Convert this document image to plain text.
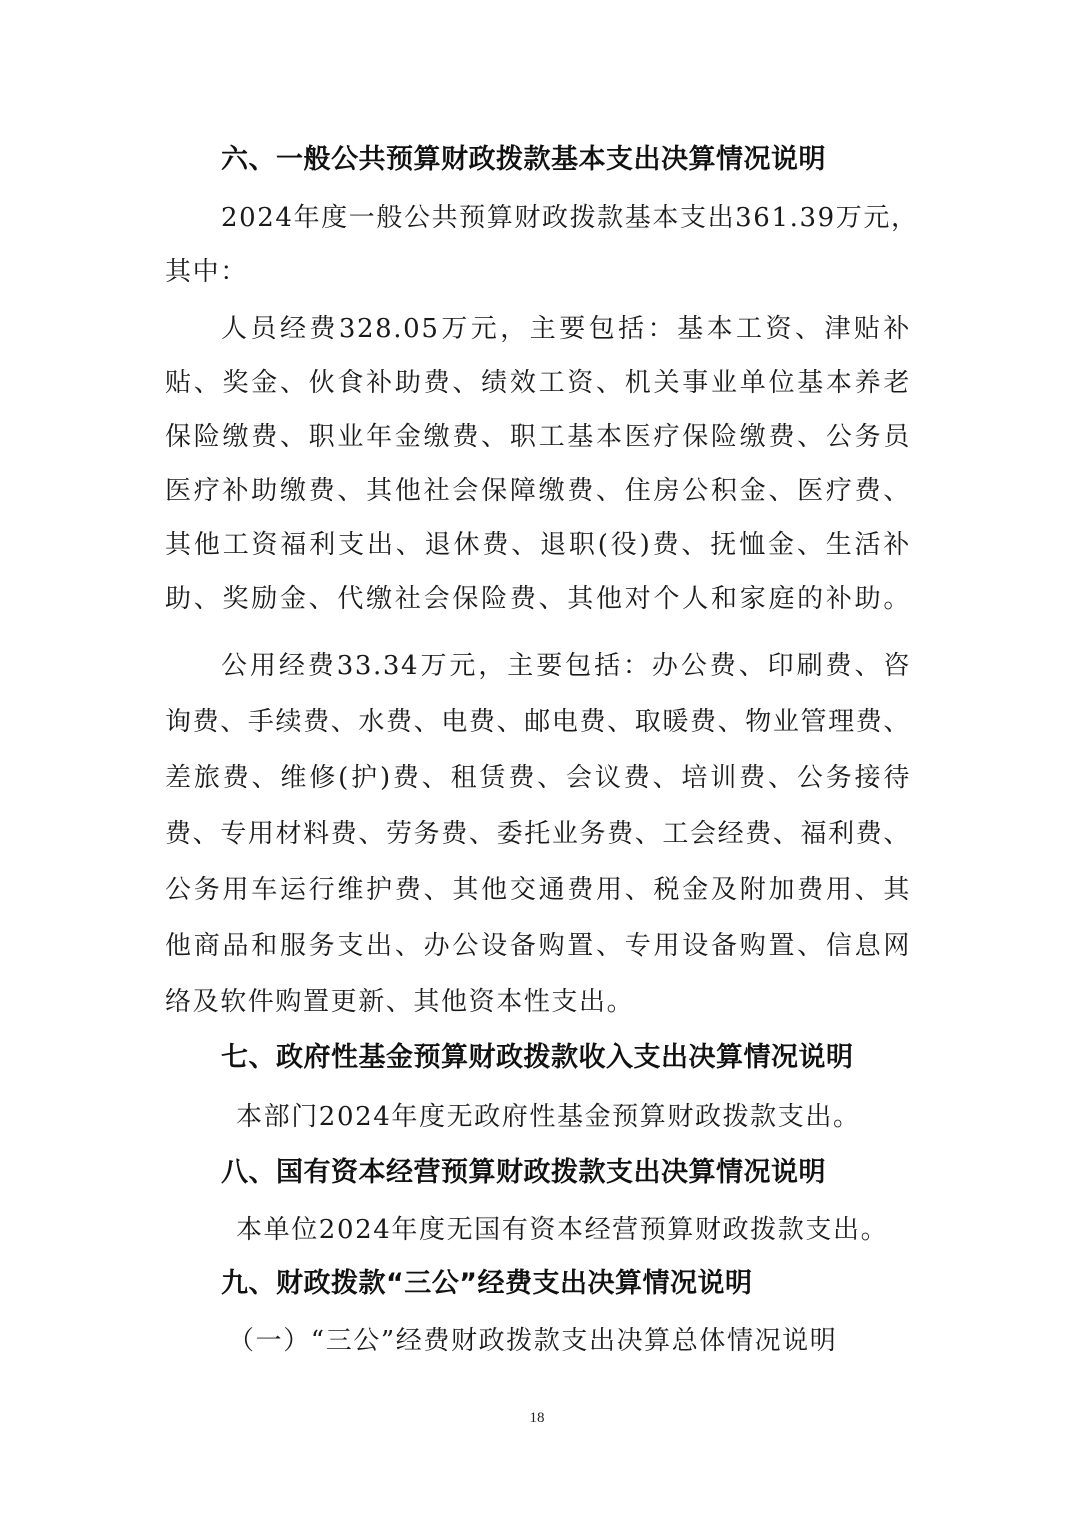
六、一般公共预算财政拨款基本支出决算情况说明
2024年度一般公共预算财政拨款基本支出361.39万元，
其中：
人员经费328.05万元，主要包括：基本工资、津贴补
贴、奖金、伙食补助费、绩效工资、机关事业单位基本养老
保险缴费、职业年金缴费、职工基本医疗保险缴费、公务员
医疗补助缴费、其他社会保障缴费、住房公积金、医疗费、
其他工资福利支出、退休费、退职(役)费、抚恤金、生活补
助、奖励金、代缴社会保险费、其他对个人和家庭的补助。
公用经费33.34万元，主要包括：办公费、印刷费、咨
询费、手续费、水费、电费、邮电费、取暖费、物业管理费、
差旅费、维修(护)费、租赁费、会议费、培训费、公务接待
费、专用材料费、劳务费、委托业务费、工会经费、福利费、
公务用车运行维护费、其他交通费用、税金及附加费用、其
他商品和服务支出、办公设备购置、专用设备购置、信息网
络及软件购置更新、其他资本性支出。
七、政府性基金预算财政拨款收入支出决算情况说明
本部门2024年度无政府性基金预算财政拨款支出。
八、国有资本经营预算财政拨款支出决算情况说明
本单位2024年度无国有资本经营预算财政拨款支出。
九、财政拨款“三公”经费支出决算情况说明
（一）“三公”经费财政拨款支出决算总体情况说明
18
